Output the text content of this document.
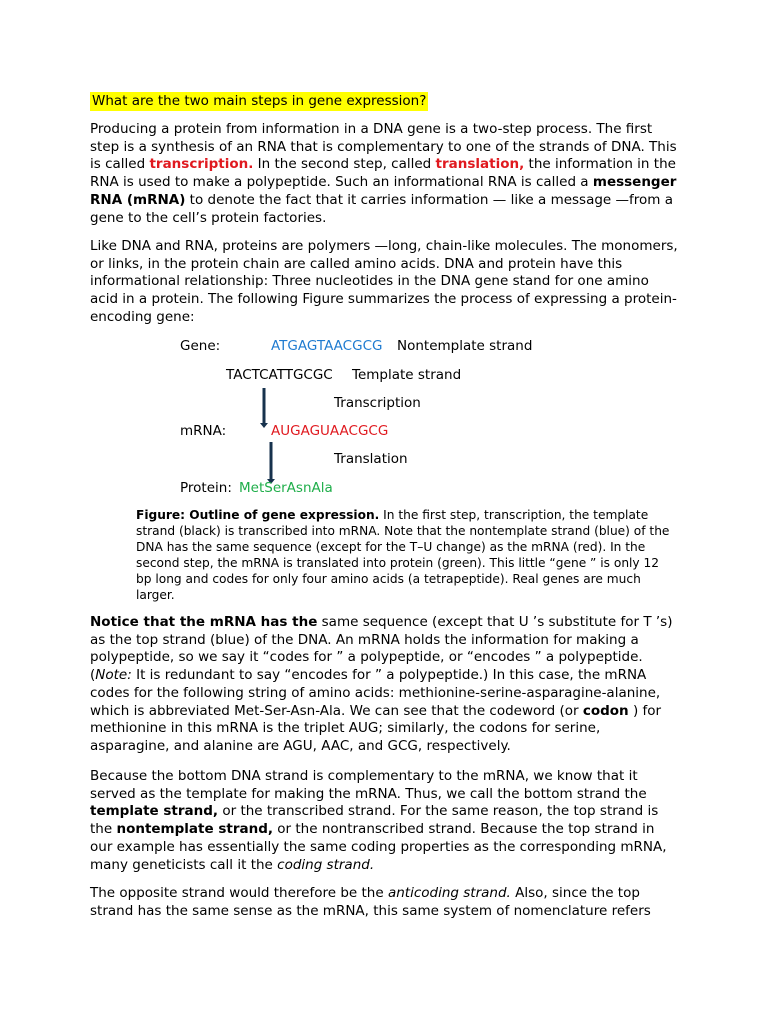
What are the two main steps in gene expression?

Producing a protein from information in a DNA gene is a two-step process. The first step is a synthesis of an RNA that is complementary to one of the strands of DNA. This is called transcription. In the second step, called translation, the information in the RNA is used to make a polypeptide. Such an informational RNA is called a messenger RNA (mRNA) to denote the fact that it carries information — like a message —from a gene to the cell’s protein factories.

Like DNA and RNA, proteins are polymers —long, chain-like molecules. The monomers, or links, in the protein chain are called amino acids. DNA and protein have this informational relationship: Three nucleotides in the DNA gene stand for one amino acid in a protein. The following Figure summarizes the process of expressing a protein-encoding gene:

Gene:	ATGAGTAACGCG Nontemplate strand
TACTCATTGCGC Template strand
Transcription
mRNA:	AUGAGUAACGCG
Translation
Protein: MetSerAsnAla

Figure: Outline of gene expression. In the first step, transcription, the template strand (black) is transcribed into mRNA. Note that the nontemplate strand (blue) of the DNA has the same sequence (except for the T–U change) as the mRNA (red). In the second step, the mRNA is translated into protein (green). This little “gene ” is only 12 bp long and codes for only four amino acids (a tetrapeptide). Real genes are much larger.

Notice that the mRNA has the same sequence (except that U ’s substitute for T ’s) as the top strand (blue) of the DNA. An mRNA holds the information for making a polypeptide, so we say it “codes for ” a polypeptide, or “encodes ” a polypeptide. (Note: It is redundant to say “encodes for ” a polypeptide.) In this case, the mRNA codes for the following string of amino acids: methionine-serine-asparagine-alanine, which is abbreviated Met-Ser-Asn-Ala. We can see that the codeword (or codon ) for methionine in this mRNA is the triplet AUG; similarly, the codons for serine, asparagine, and alanine are AGU, AAC, and GCG, respectively.

Because the bottom DNA strand is complementary to the mRNA, we know that it served as the template for making the mRNA. Thus, we call the bottom strand the template strand, or the transcribed strand. For the same reason, the top strand is the nontemplate strand, or the nontranscribed strand. Because the top strand in our example has essentially the same coding properties as the corresponding mRNA, many geneticists call it the coding strand.

The opposite strand would therefore be the anticoding strand. Also, since the top strand has the same sense as the mRNA, this same system of nomenclature refers
